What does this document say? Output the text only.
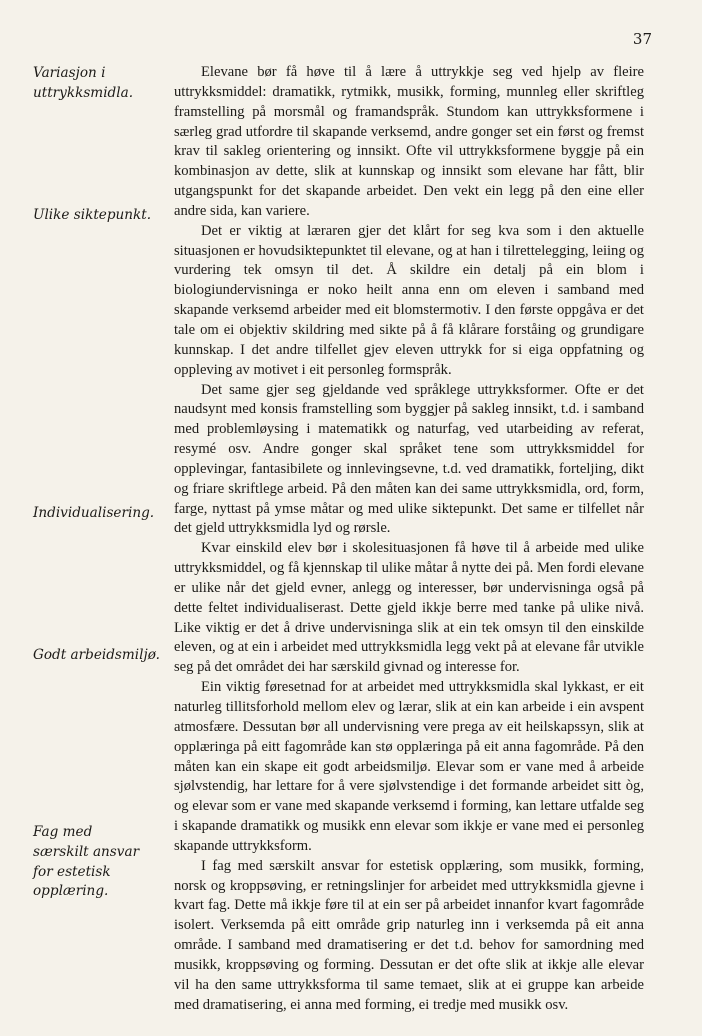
37
Variasjon i uttrykksmidla.
Ulike siktepunkt.
Individualisering.
Godt arbeidsmiljø.
Fag med særskilt ansvar for estetisk opplæring.

Elevane bør få høve til å lære å uttrykkje seg ved hjelp av fleire uttrykksmiddel: dramatikk, rytmikk, musikk, forming, munnleg eller skriftleg framstelling på morsmål og framandspråk. Stundom kan uttrykksformene i særleg grad utfordre til skapande verksemd, andre gonger set ein først og fremst krav til sakleg orientering og innsikt. Ofte vil uttrykksformene byggje på ein kombinasjon av dette, slik at kunnskap og innsikt som elevane har fått, blir utgangspunkt for det skapande arbeidet. Den vekt ein legg på den eine eller andre sida, kan variere.

Det er viktig at læraren gjer det klårt for seg kva som i den aktuelle situasjonen er hovudsiktepunktet til elevane, og at han i tilrettelegging, leiing og vurdering tek omsyn til det. Å skildre ein detalj på ein blom i biologiundervisninga er noko heilt anna enn om eleven i samband med skapande verksemd arbeider med eit blomstermotiv. I den første oppgåva er det tale om ei objektiv skildring med sikte på å få klårare forståing og grundigare kunnskap. I det andre tilfellet gjev eleven uttrykk for si eiga oppfatning og oppleving av motivet i eit personleg formspråk.

Det same gjer seg gjeldande ved språklege uttrykksformer. Ofte er det naudsynt med konsis framstelling som byggjer på sakleg innsikt, t.d. i samband med problemløysing i matematikk og naturfag, ved utarbeiding av referat, resymé osv. Andre gonger skal språket tene som uttrykksmiddel for opplevingar, fantasibilete og innlevingsevne, t.d. ved dramatikk, forteljing, dikt og friare skriftlege arbeid. På den måten kan dei same uttrykksmidla, ord, form, farge, nyttast på ymse måtar og med ulike siktepunkt. Det same er tilfellet når det gjeld uttrykksmidla lyd og rørsle.

Kvar einskild elev bør i skolesituasjonen få høve til å arbeide med ulike uttrykksmiddel, og få kjennskap til ulike måtar å nytte dei på. Men fordi elevane er ulike når det gjeld evner, anlegg og interesser, bør undervisninga også på dette feltet individualiserast. Dette gjeld ikkje berre med tanke på ulike nivå. Like viktig er det å drive undervisninga slik at ein tek omsyn til den einskilde eleven, og at ein i arbeidet med uttrykksmidla legg vekt på at elevane får utvikle seg på det området dei har særskild givnad og interesse for.

Ein viktig føresetnad for at arbeidet med uttrykksmidla skal lykkast, er eit naturleg tillitsforhold mellom elev og lærar, slik at ein kan arbeide i ein avspent atmosfære. Dessutan bør all undervisning vere prega av eit heilskapssyn, slik at opplæringa på eitt fagområde kan stø opplæringa på eit anna fagområde. På den måten kan ein skape eit godt arbeidsmiljø. Elevar som er vane med å arbeide sjølvstendig, har lettare for å vere sjølvstendige i det formande arbeidet sitt òg, og elevar som er vane med skapande verksemd i forming, kan lettare utfalde seg i skapande dramatikk og musikk enn elevar som ikkje er vane med ei personleg skapande uttrykksform.

I fag med særskilt ansvar for estetisk opplæring, som musikk, forming, norsk og kroppsøving, er retningslinjer for arbeidet med uttrykksmidla gjevne i kvart fag. Dette må ikkje føre til at ein ser på arbeidet innanfor kvart fagområde isolert. Verksemda på eitt område grip naturleg inn i verksemda på eit anna område. I samband med dramatisering er det t.d. behov for samordning med musikk, kroppsøving og forming. Dessutan er det ofte slik at ikkje alle elevar vil ha den same uttrykksforma til same temaet, slik at ei gruppe kan arbeide med dramatisering, ei anna med forming, ei tredje med musikk osv.
